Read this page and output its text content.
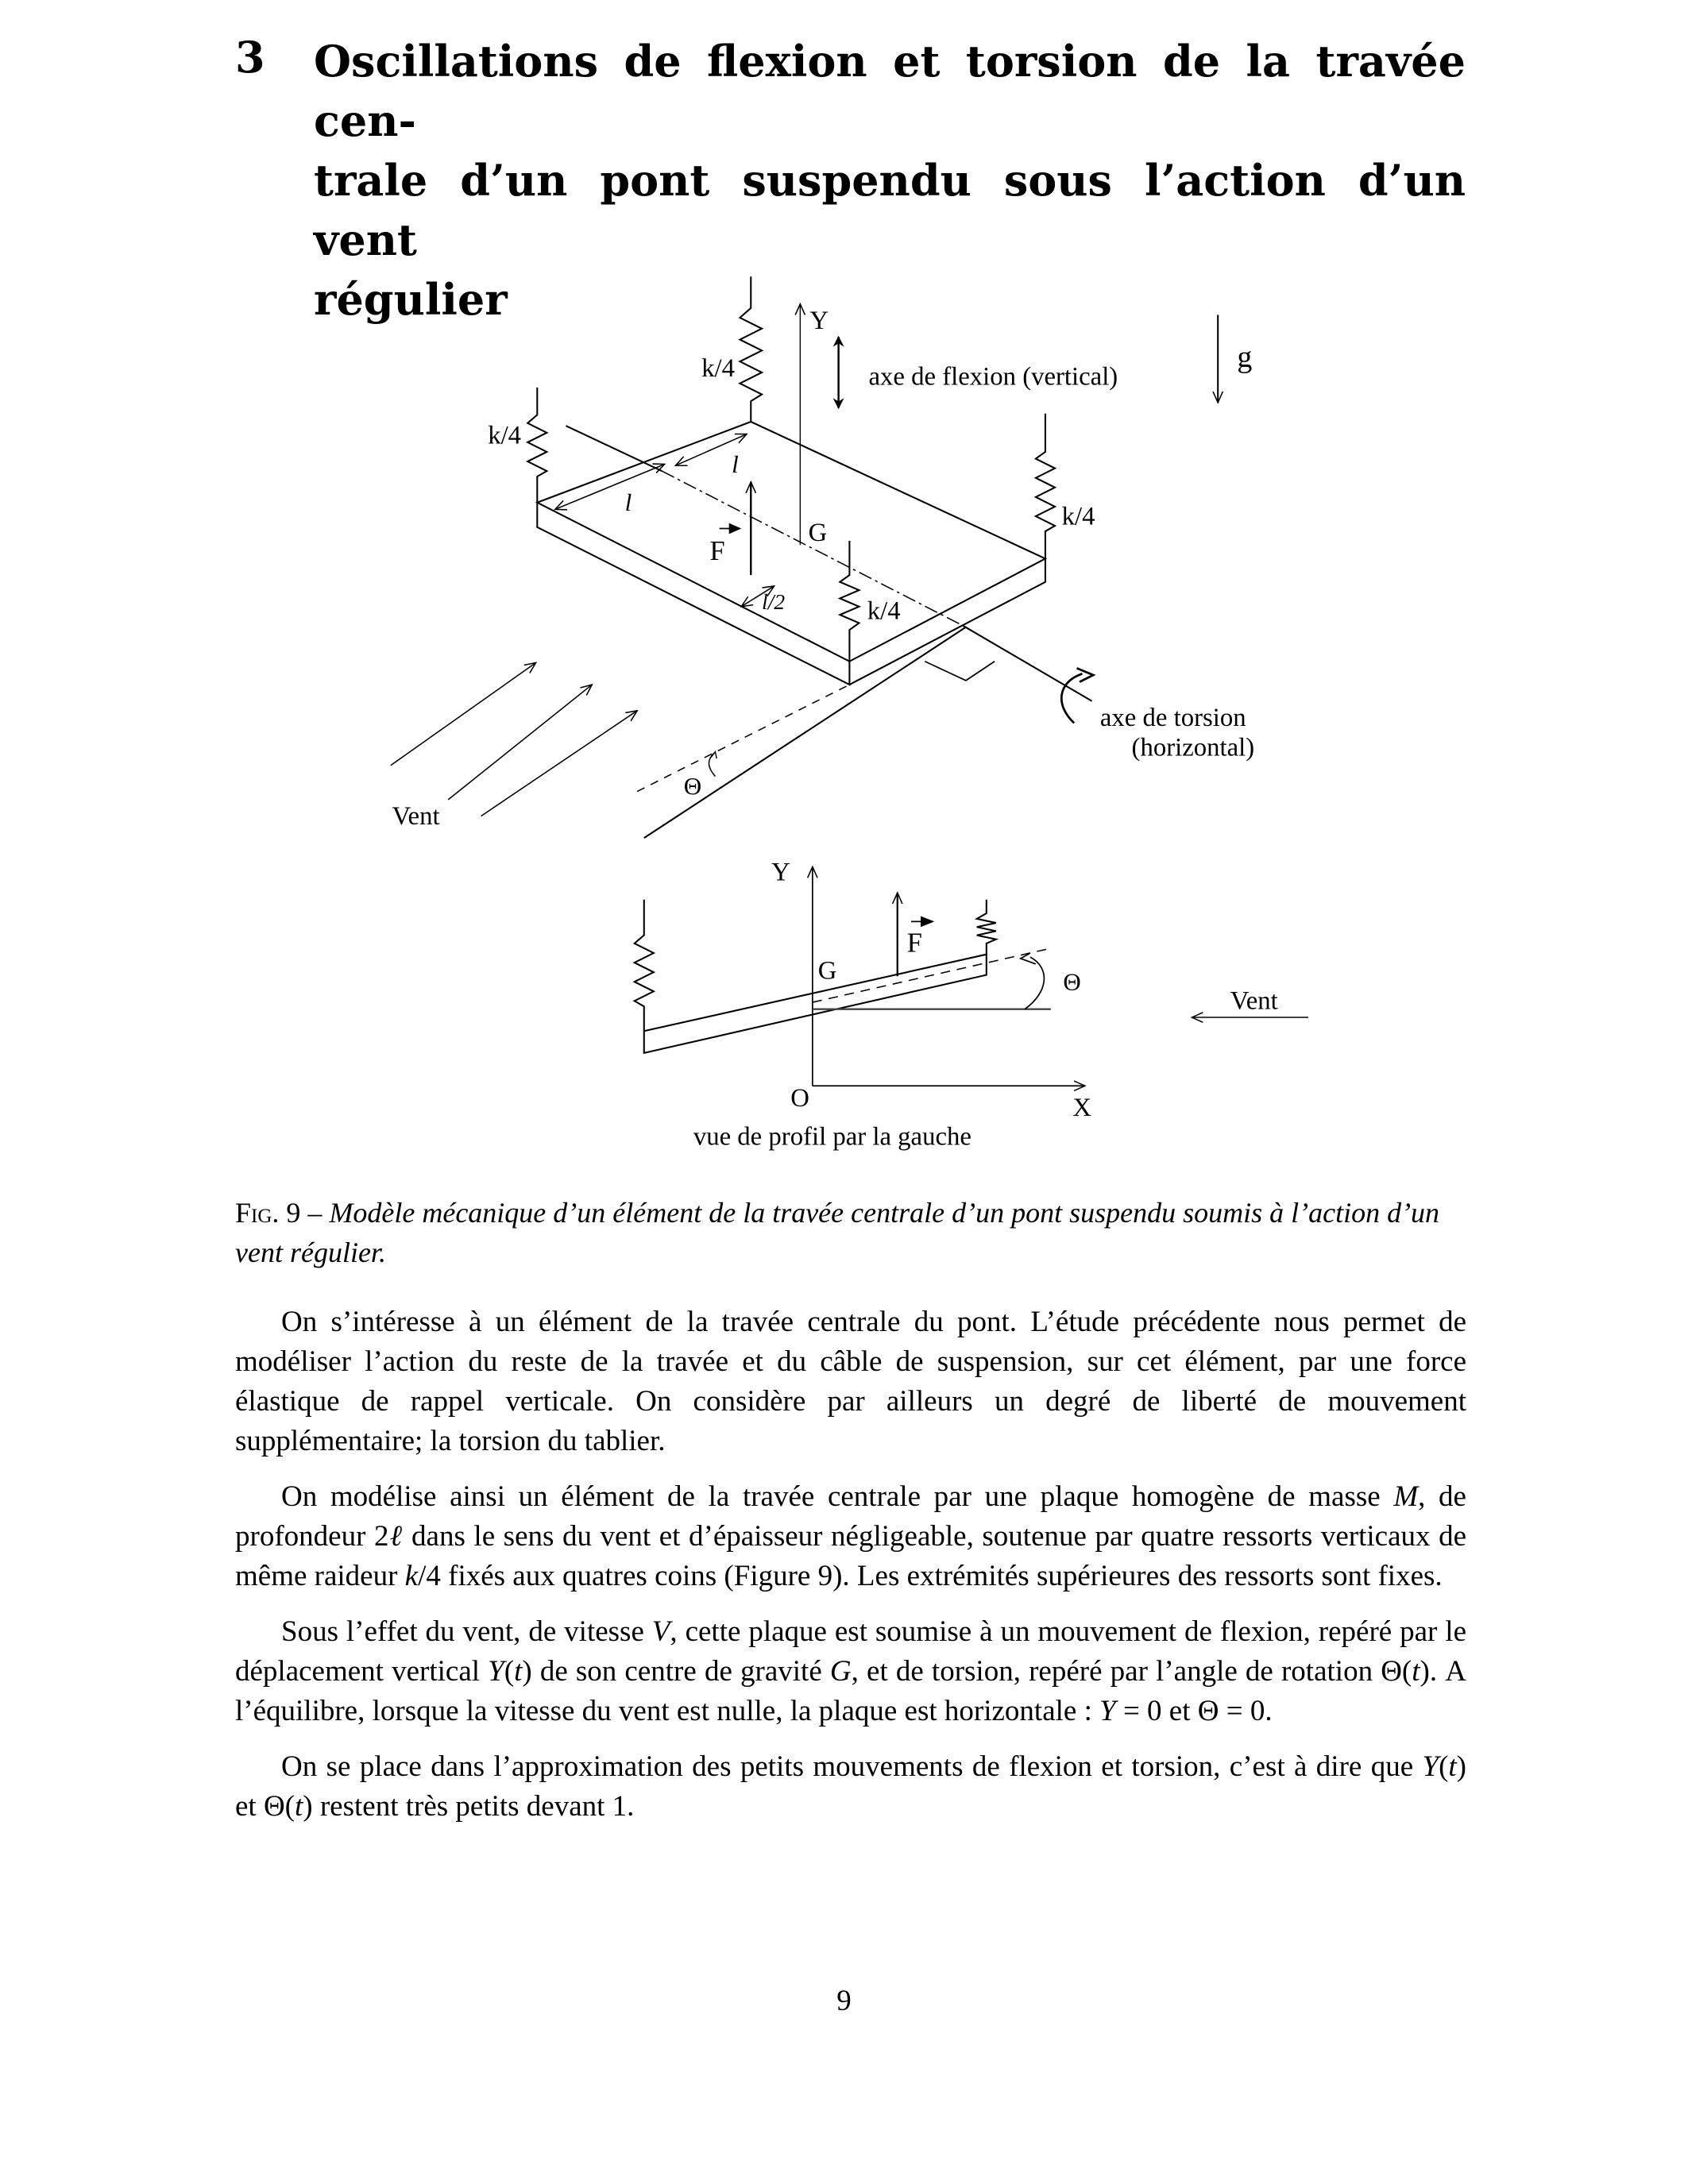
3 Oscillations de flexion et torsion de la travée cen-
trale d’un pont suspendu sous l’action d’un vent
régulier
k/4
k/4
k/4
k/4
Y
axe de flexion (vertical)
g
l
l
l/2
F
G
axe de torsion
(horizontal)
Θ
Vent
Y
F
G	Θ
Vent
O	X
vue de profil par la gauche
Fig. 9 – Modèle mécanique d’un élément de la travée centrale d’un pont suspendu soumis à l’action d’un vent régulier.

On s’intéresse à un élément de la travée centrale du pont. L’étude précédente nous permet de modéliser l’action du reste de la travée et du câble de suspension, sur cet élément, par une force élastique de rappel verticale. On considère par ailleurs un degré de liberté de mouvement supplémentaire; la torsion du tablier.

On modélise ainsi un élément de la travée centrale par une plaque homogène de masse M, de profondeur 2ℓ dans le sens du vent et d’épaisseur négligeable, soutenue par quatre ressorts verticaux de même raideur k/4 fixés aux quatres coins (Figure 9). Les extrémités supérieures des ressorts sont fixes.

Sous l’effet du vent, de vitesse V, cette plaque est soumise à un mouvement de flexion, repéré par le déplacement vertical Y(t) de son centre de gravité G, et de torsion, repéré par l’angle de rotation Θ(t). A l’équilibre, lorsque la vitesse du vent est nulle, la plaque est horizontale : Y = 0 et Θ = 0.

On se place dans l’approximation des petits mouvements de flexion et torsion, c’est à dire que Y(t) et Θ(t) restent très petits devant 1.

9
